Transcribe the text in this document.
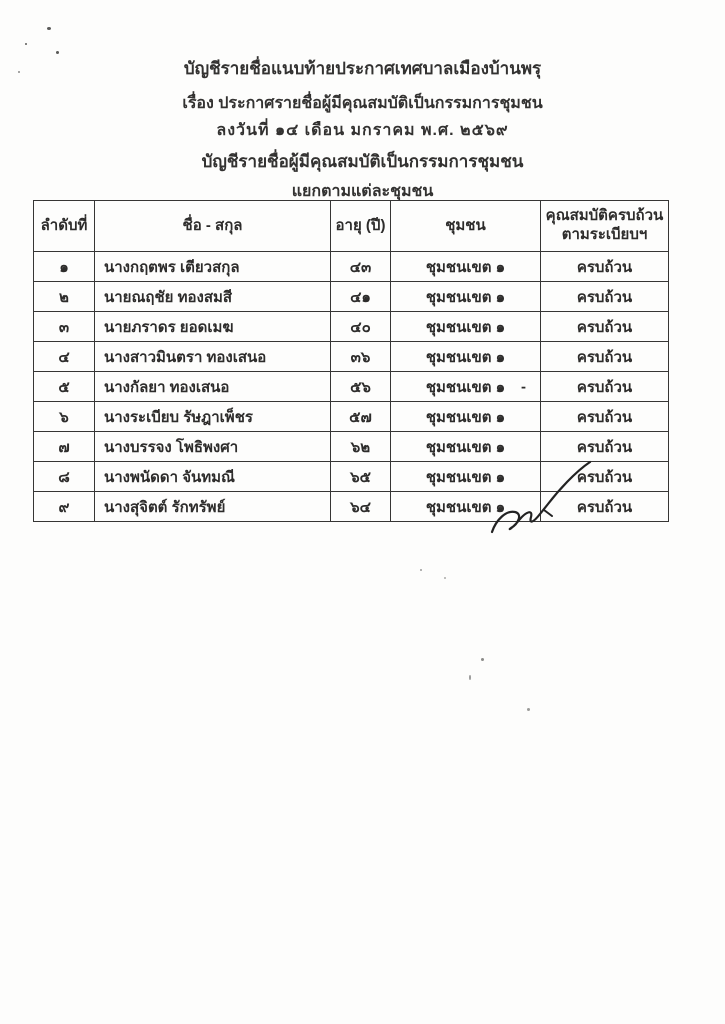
บัญชีรายชื่อแนบท้ายประกาศเทศบาลเมืองบ้านพรุ
เรื่อง ประกาศรายชื่อผู้มีคุณสมบัติเป็นกรรมการชุมชน
ลงวันที่ ๑๔ เดือน มกราคม พ.ศ. ๒๕๖๙
บัญชีรายชื่อผู้มีคุณสมบัติเป็นกรรมการชุมชน
แยกตามแต่ละชุมชน
ลำดับที่	ชื่อ - สกุล	อายุ (ปี)	ชุมชน	คุณสมบัติครบถ้วน
ตามระเบียบฯ
๑	นางกฤตพร เตียวสกุล	๔๓	ชุมชนเขต ๑	ครบถ้วน
๒	นายณฤชัย ทองสมสี	๔๑	ชุมชนเขต ๑	ครบถ้วน
๓	นายภราดร ยอดเมฆ	๔๐	ชุมชนเขต ๑	ครบถ้วน
๔	นางสาวมินตรา ทองเสนอ	๓๖	ชุมชนเขต ๑	ครบถ้วน
๕	นางกัลยา ทองเสนอ	๕๖	ชุมชนเขต ๑ -	ครบถ้วน
๖	นางระเบียบ รัษฎาเพ็ชร	๕๗	ชุมชนเขต ๑	ครบถ้วน
๗	นางบรรจง โพธิพงศา	๖๒	ชุมชนเขต ๑	ครบถ้วน
๘	นางพนัดดา จันทมณี	๖๕	ชุมชนเขต ๑	ครบถ้วน
๙	นางสุจิตต์ รักทรัพย์	๖๔	ชุมชนเขต ๑	ครบถ้วน
